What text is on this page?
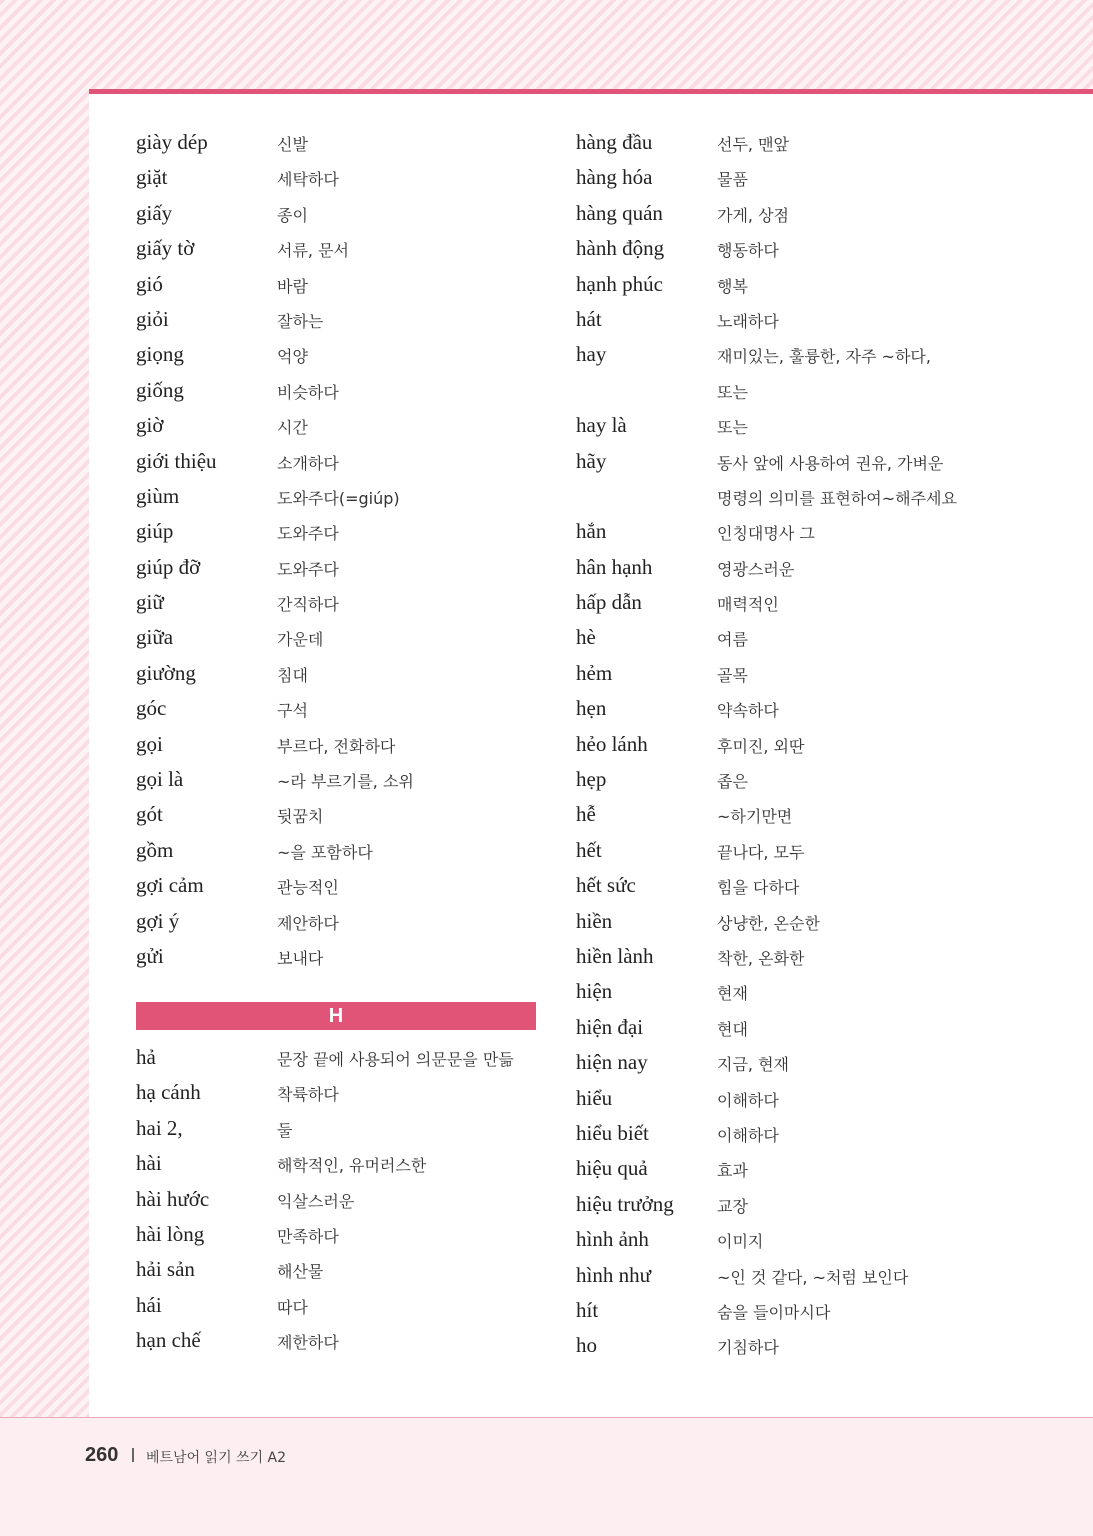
giày dép	신발
giặt	세탁하다
giấy	종이
giấy tờ	서류, 문서
gió	바람
giỏi	잘하는
giọng	억양
giống	비슷하다
giờ	시간
giới thiệu	소개하다
giùm	도와주다(=giúp)
giúp	도와주다
giúp đỡ	도와주다
giữ	간직하다
giữa	가운데
giường	침대
góc	구석
gọi	부르다, 전화하다
gọi là	~라 부르기를, 소위
gót	뒷꿈치
gồm	~을 포함하다
gợi cảm	관능적인
gợi ý	제안하다
gửi	보내다
H
hả	문장 끝에 사용되어 의문문을 만듦
hạ cánh	착륙하다
hai 2,	둘
hài	해학적인, 유머러스한
hài hước	익살스러운
hài lòng	만족하다
hải sản	해산물
hái	따다
hạn chế	제한하다
hàng đầu	선두, 맨앞
hàng hóa	물품
hàng quán	가게, 상점
hành động	행동하다
hạnh phúc	행복
hát	노래하다
hay	재미있는, 훌륭한, 자주 ~하다,
또는
hay là	또는
hãy	동사 앞에 사용하여 권유, 가벼운
명령의 의미를 표현하여~해주세요
hắn	인칭대명사 그
hân hạnh	영광스러운
hấp dẫn	매력적인
hè	여름
hẻm	골목
hẹn	약속하다
hẻo lánh	후미진, 외딴
hẹp	좁은
hễ	~하기만면
hết	끝나다, 모두
hết sức	힘을 다하다
hiền	상냥한, 온순한
hiền lành	착한, 온화한
hiện	현재
hiện đại	현대
hiện nay	지금, 현재
hiểu	이해하다
hiểu biết	이해하다
hiệu quả	효과
hiệu trưởng	교장
hình ảnh	이미지
hình như	~인 것 같다, ~처럼 보인다
hít	숨을 들이마시다
ho	기침하다
260 베트남어 읽기 쓰기 A2
